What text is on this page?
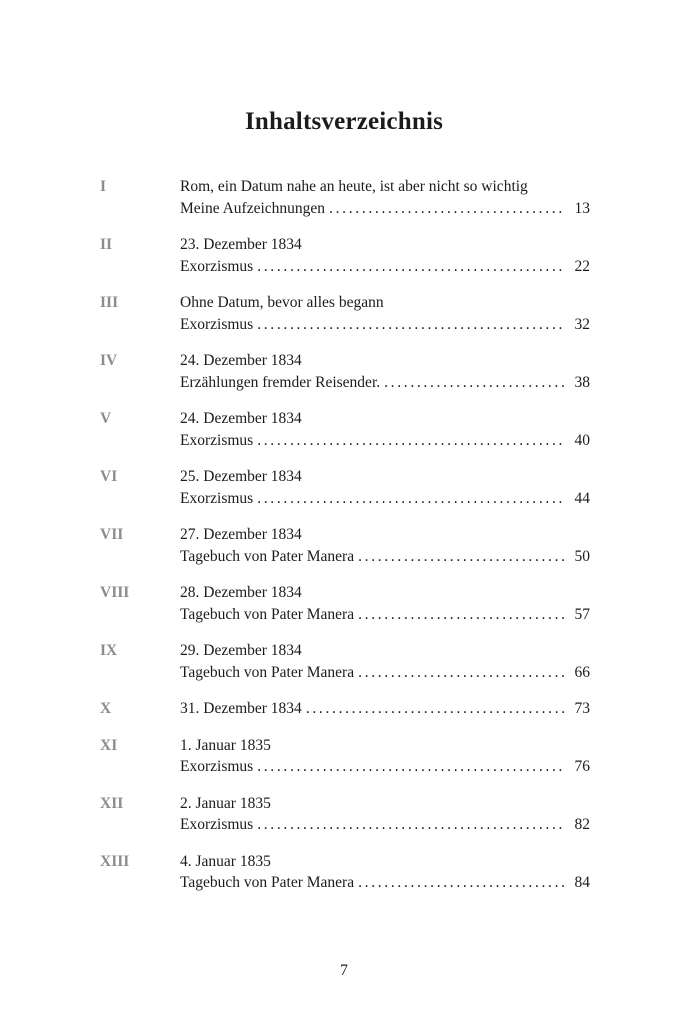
Inhaltsverzeichnis
I	Rom, ein Datum nahe an heute, ist aber nicht so wichtig
Meine Aufzeichnungen . . .	13
II	23. Dezember 1834
Exorzismus . . .	22
III	Ohne Datum, bevor alles begann
Exorzismus . . .	32
IV	24. Dezember 1834
Erzählungen fremder Reisender. . . .	38
V	24. Dezember 1834
Exorzismus . . .	40
VI	25. Dezember 1834
Exorzismus . . .	44
VII	27. Dezember 1834
Tagebuch von Pater Manera . . .	50
VIII	28. Dezember 1834
Tagebuch von Pater Manera . . .	57
IX	29. Dezember 1834
Tagebuch von Pater Manera . . .	66
X	31. Dezember 1834 . . .	73
XI	1. Januar 1835
Exorzismus . . .	76
XII	2. Januar 1835
Exorzismus . . .	82
XIII	4. Januar 1835
Tagebuch von Pater Manera . . .	84
7
